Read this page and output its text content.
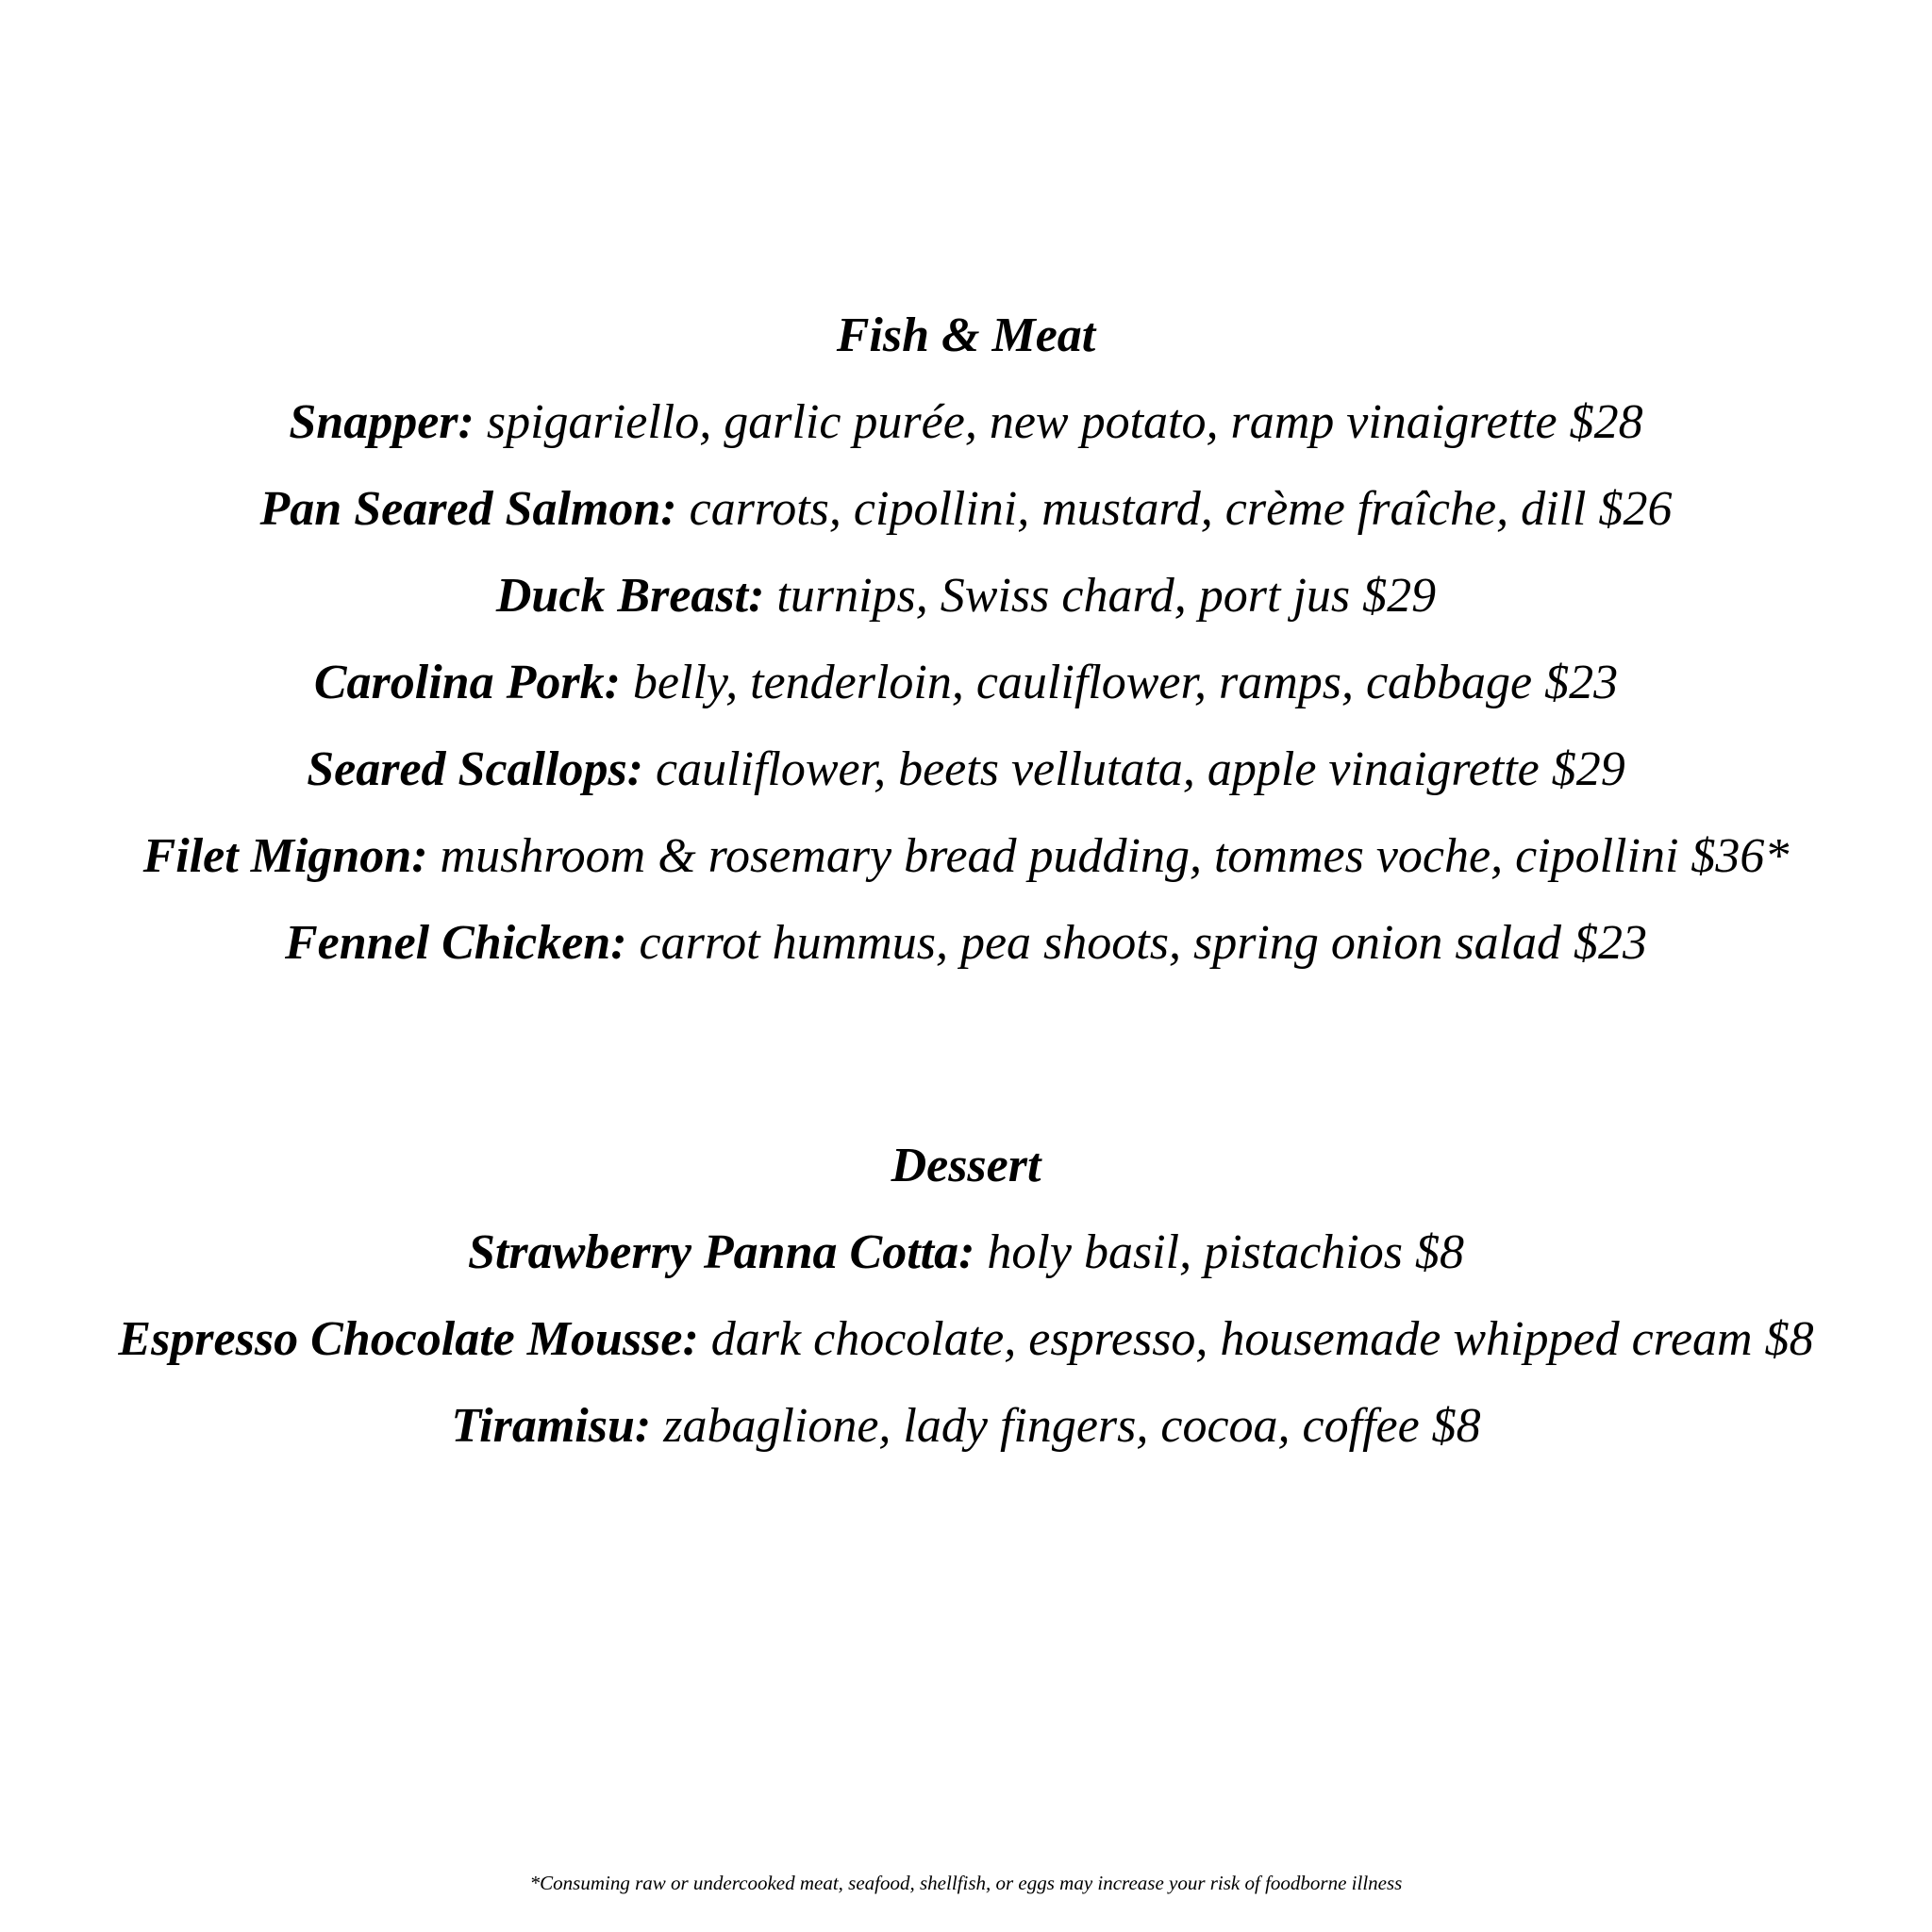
Fish & Meat
Snapper: spigariello, garlic purée, new potato, ramp vinaigrette $28
Pan Seared Salmon: carrots, cipollini, mustard, crème fraîche, dill $26
Duck Breast: turnips, Swiss chard, port jus $29
Carolina Pork: belly, tenderloin, cauliflower, ramps, cabbage $23
Seared Scallops: cauliflower, beets vellutata, apple vinaigrette $29
Filet Mignon: mushroom & rosemary bread pudding, tommes voche, cipollini $36*
Fennel Chicken: carrot hummus, pea shoots, spring onion salad $23
Dessert
Strawberry Panna Cotta: holy basil, pistachios $8
Espresso Chocolate Mousse: dark chocolate, espresso, housemade whipped cream $8
Tiramisu: zabaglione, lady fingers, cocoa, coffee $8
*Consuming raw or undercooked meat, seafood, shellfish, or eggs may increase your risk of foodborne illness
